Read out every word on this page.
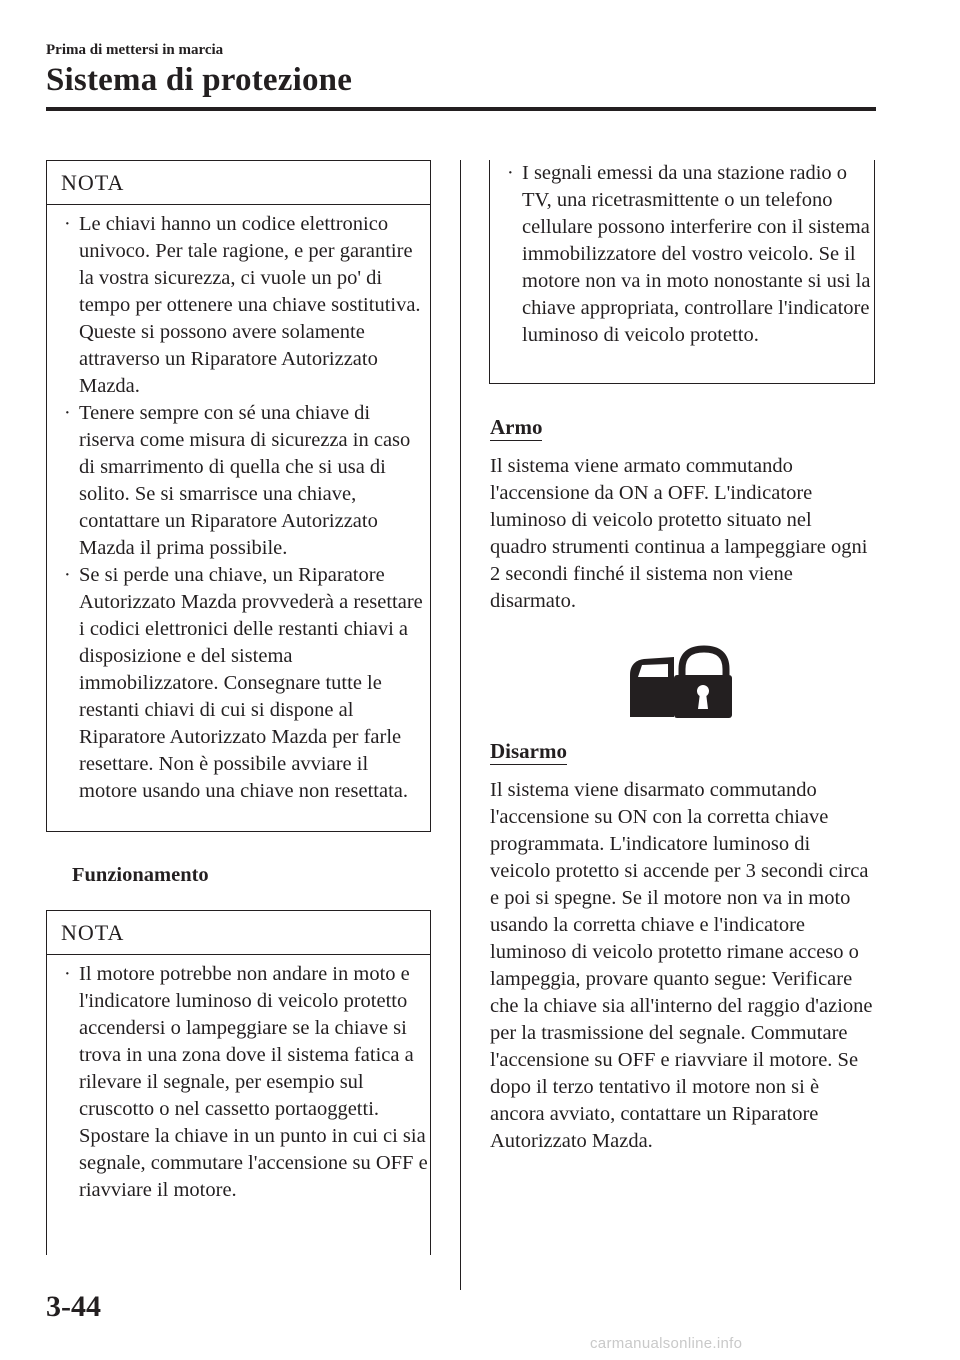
Prima di mettersi in marcia
Sistema di protezione
NOTA
· Le chiavi hanno un codice elettronico univoco. Per tale ragione, e per garantire la vostra sicurezza, ci vuole un po' di tempo per ottenere una chiave sostitutiva. Queste si possono avere solamente attraverso un Riparatore Autorizzato Mazda.
· Tenere sempre con sé una chiave di riserva come misura di sicurezza in caso di smarrimento di quella che si usa di solito. Se si smarrisce una chiave, contattare un Riparatore Autorizzato Mazda il prima possibile.
· Se si perde una chiave, un Riparatore Autorizzato Mazda provvederà a resettare i codici elettronici delle restanti chiavi a disposizione e del sistema immobilizzatore. Consegnare tutte le restanti chiavi di cui si dispone al Riparatore Autorizzato Mazda per farle resettare. Non è possibile avviare il motore usando una chiave non resettata.
Funzionamento
NOTA
· Il motore potrebbe non andare in moto e l'indicatore luminoso di veicolo protetto accendersi o lampeggiare se la chiave si trova in una zona dove il sistema fatica a rilevare il segnale, per esempio sul cruscotto o nel cassetto portaoggetti. Spostare la chiave in un punto in cui ci sia segnale, commutare l'accensione su OFF e riavviare il motore.
· I segnali emessi da una stazione radio o TV, una ricetrasmittente o un telefono cellulare possono interferire con il sistema immobilizzatore del vostro veicolo. Se il motore non va in moto nonostante si usi la chiave appropriata, controllare l'indicatore luminoso di veicolo protetto.
Armo
Il sistema viene armato commutando l'accensione da ON a OFF. L'indicatore luminoso di veicolo protetto situato nel quadro strumenti continua a lampeggiare ogni 2 secondi finché il sistema non viene disarmato.
Disarmo
Il sistema viene disarmato commutando l'accensione su ON con la corretta chiave programmata. L'indicatore luminoso di veicolo protetto si accende per 3 secondi circa e poi si spegne. Se il motore non va in moto usando la corretta chiave e l'indicatore luminoso di veicolo protetto rimane acceso o lampeggia, provare quanto segue: Verificare che la chiave sia all'interno del raggio d'azione per la trasmissione del segnale. Commutare l'accensione su OFF e riavviare il motore. Se dopo il terzo tentativo il motore non si è ancora avviato, contattare un Riparatore Autorizzato Mazda.
3-44
carmanualsonline.info
